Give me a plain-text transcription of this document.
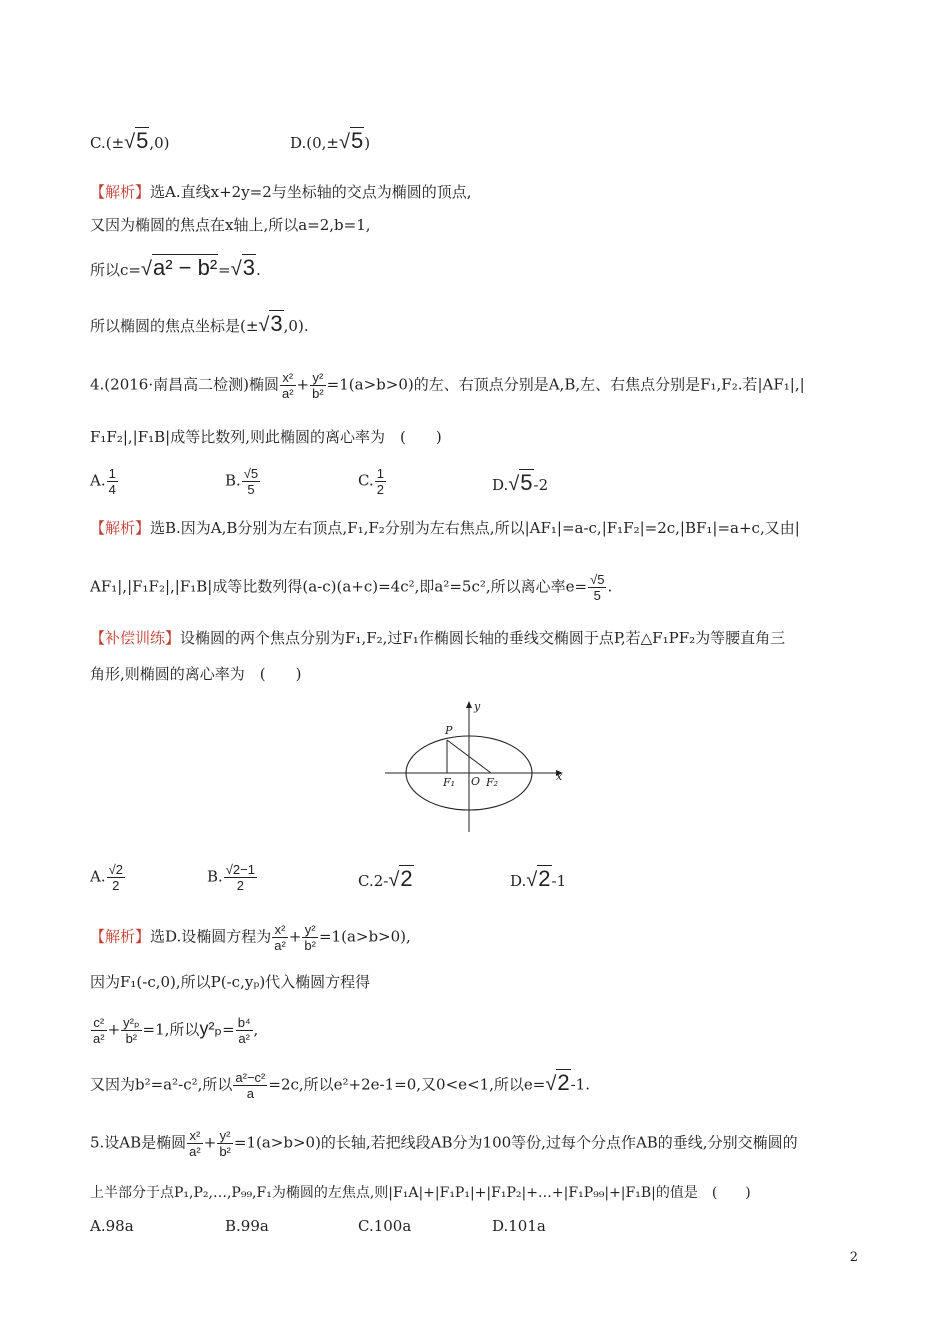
C.(±√5,0)	D.(0,±√5)
【解析】选A.直线x+2y=2与坐标轴的交点为椭圆的顶点,
又因为椭圆的焦点在x轴上,所以a=2,b=1,
所以c=√a² − b²=√3.
所以椭圆的焦点坐标是(±√3,0).
4.(2016·南昌高二检测)椭圆 $\frac{\text{x²}}{\text{a²}} + \frac{\text{y²}}{\text{b²}} =1(a>b>0)$的左、右顶点分别是A,B,左、右焦点分别是F₁,F₂.若|AF₁|,|
F₁F₂|,|F₁B|成等比数列,则此椭圆的离心率为　(　　)
A. $\frac{1}{4}$	B. $\frac{√5}{5}$	C. $\frac{1}{2}$	D.√5-2
【解析】选B.因为A,B分别为左右顶点,F₁,F₂分别为左右焦点,所以|AF₁|=a-c,|F₁F₂|=2c,|BF₁|=a+c,又由|
AF₁|,|F₁F₂|,|F₁B|成等比数列得(a-c)(a+c)=4c²,即a²=5c²,所以离心率$e= \frac{√5}{5}$ .
【补偿训练】设椭圆的两个焦点分别为F₁,F₂,过F₁作椭圆长轴的垂线交椭圆于点P,若△F₁PF₂为等腰直角三
角形,则椭圆的离心率为　(　　)
P
y
x
F₁ O F₂
A. $\frac{√2}{2}$	B. $\frac{√2-1}{2}$	C.2-√2	D.√2-1
【解析】选D.设椭圆方程为 $\frac{\text{x²}}{\text{a²}} + \frac{\text{y²}}{\text{b²}} =1(a>b>0)$,
因为F₁(-c,0),所以P(-c,yₚ)代入椭圆方程得
$\frac{\text{c²}}{\text{a²}} + \frac{\text{y²ₚ}}{\text{b²}} =1$,所以$y^2_p= \frac{\text{b⁴}}{\text{a²}}$ ,
又因为b²=a²-c²,所以 $\frac{\text{a²−c²}}{a} =2c$,所以e²+2e-1=0,又0<e<1,所以e=√2-1.
5.设AB是椭圆 $\frac{\text{x²}}{\text{a²}} + \frac{\text{y²}}{\text{b²}} =1(a>b>0)$的长轴,若把线段AB分为100等份,过每个分点作AB的垂线,分别交椭圆的
上半部分于点P₁,P₂,…,P₉₉,F₁为椭圆的左焦点,则|F₁A|+|F₁P₁|+|F₁P₂|+…+|F₁P₉₉|+|F₁B|的值是　(　　)
A.98a	B.99a	C.100a	D.101a
2
